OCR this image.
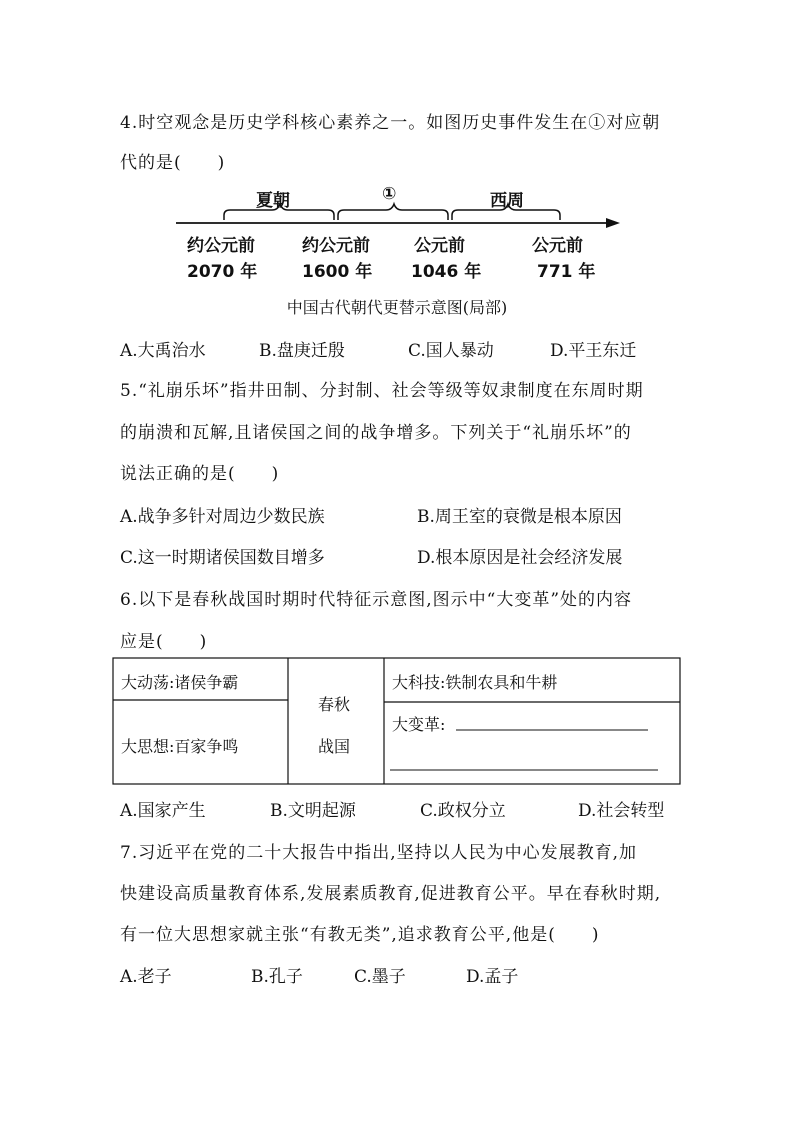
4.时空观念是历史学科核心素养之一。如图历史事件发生在①对应朝
代的是(　　)
夏朝	①	西周
约公元前
2070 年
约公元前
1600 年
公元前
1046 年
公元前
771 年
中国古代朝代更替示意图(局部)
A.大禹治水	B.盘庚迁殷	C.国人暴动	D.平王东迁
5.“礼崩乐坏”指井田制、分封制、社会等级等奴隶制度在东周时期
的崩溃和瓦解,且诸侯国之间的战争增多。下列关于“礼崩乐坏”的
说法正确的是(　　)
A.战争多针对周边少数民族	B.周王室的衰微是根本原因
C.这一时期诸侯国数目增多	D.根本原因是社会经济发展
6.以下是春秋战国时期时代特征示意图,图示中“大变革”处的内容
应是(　　)
大动荡:诸侯争霸
大思想:百家争鸣
春秋
战国
大科技:铁制农具和牛耕
大变革:
A.国家产生	B.文明起源	C.政权分立	D.社会转型
7.习近平在党的二十大报告中指出,坚持以人民为中心发展教育,加
快建设高质量教育体系,发展素质教育,促进教育公平。早在春秋时期,
有一位大思想家就主张“有教无类”,追求教育公平,他是(　　)
A.老子	B.孔子	C.墨子	D.孟子
